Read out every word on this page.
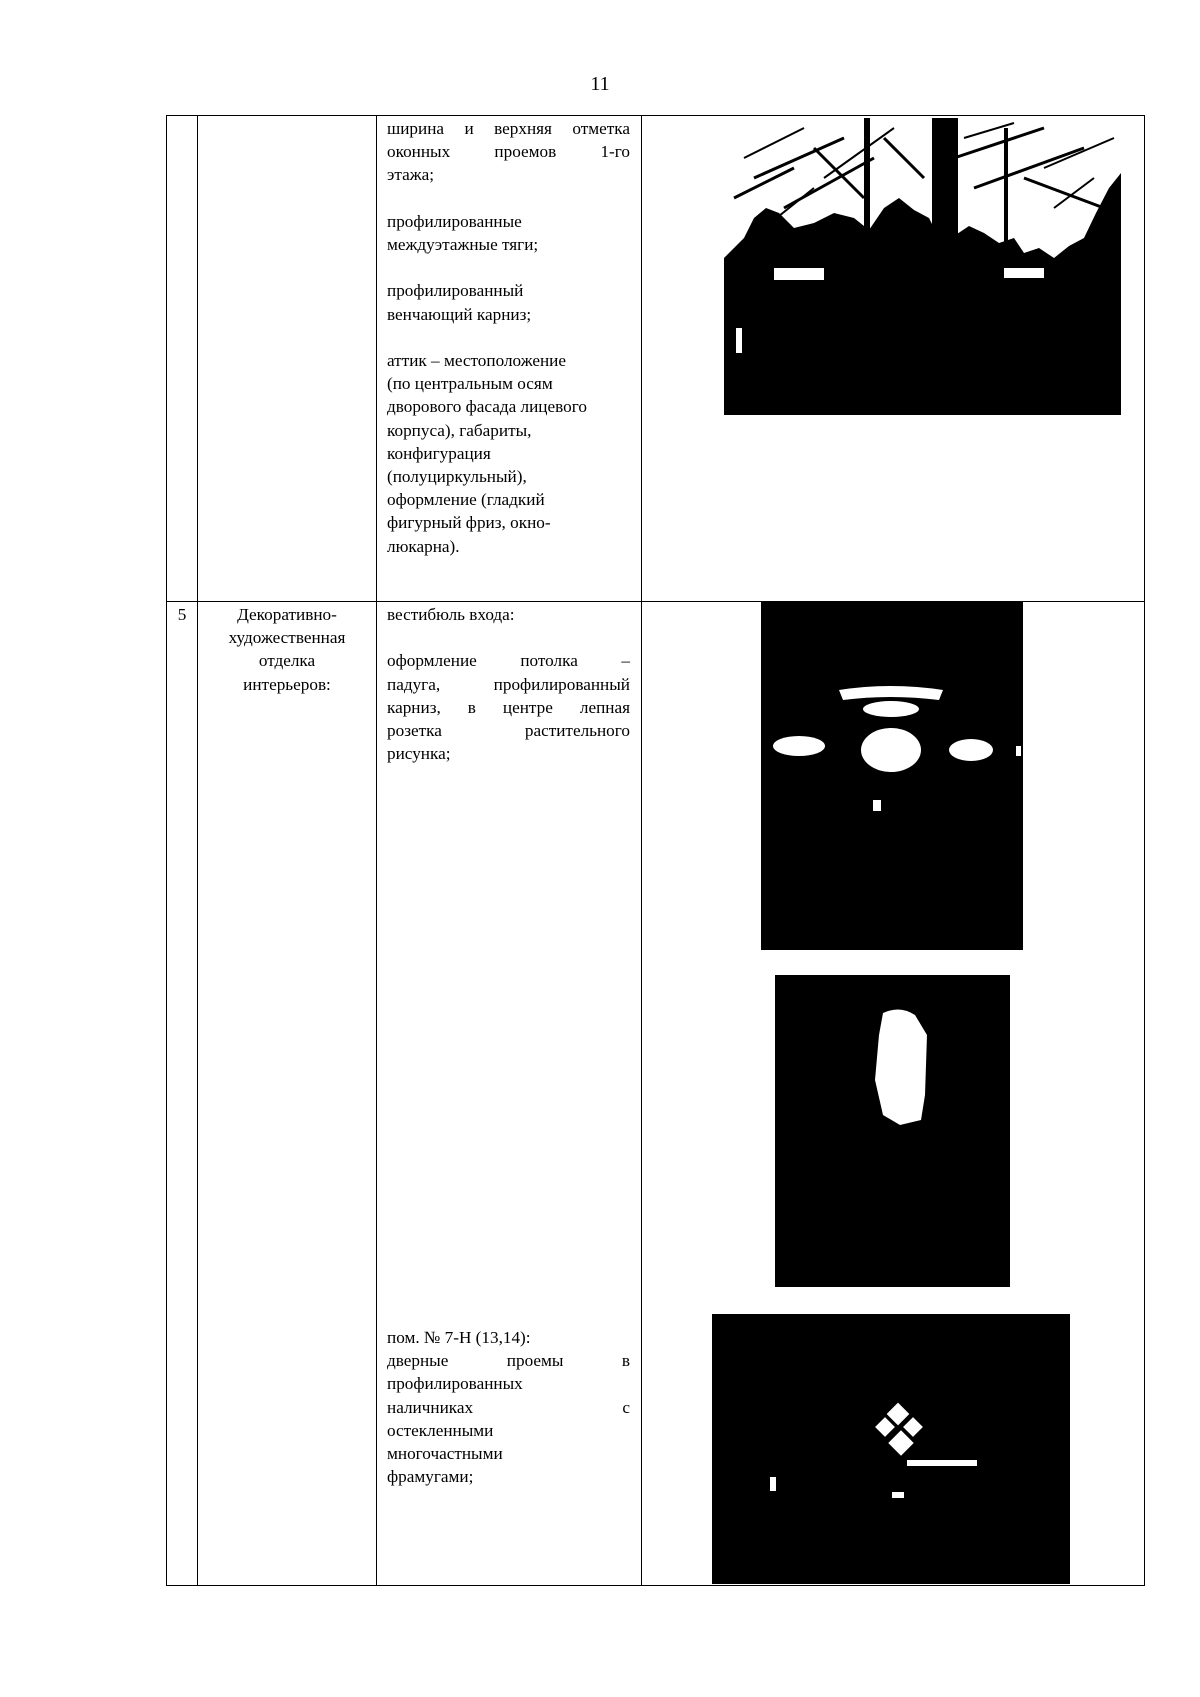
11
ширина и верхняя отметка
оконных проемов 1-го
этажа;
профилированные
междуэтажные тяги;
профилированный
венчающий карниз;
аттик – местоположение
(по центральным осям
дворового фасада лицевого
корпуса), габариты,
конфигурация
(полуциркульный),
оформление (гладкий
фигурный фриз, окно-
люкарна).
5	Декоративно-
художественная
отделка
интерьеров:
вестибюль входа:
оформление потолка –
падуга, профилированный
карниз, в центре лепная
розетка растительного
рисунка;
пом. № 7-Н (13,14):
дверные проемы в
профилированных
наличниках с
остекленными
многочастными
фрамугами;
